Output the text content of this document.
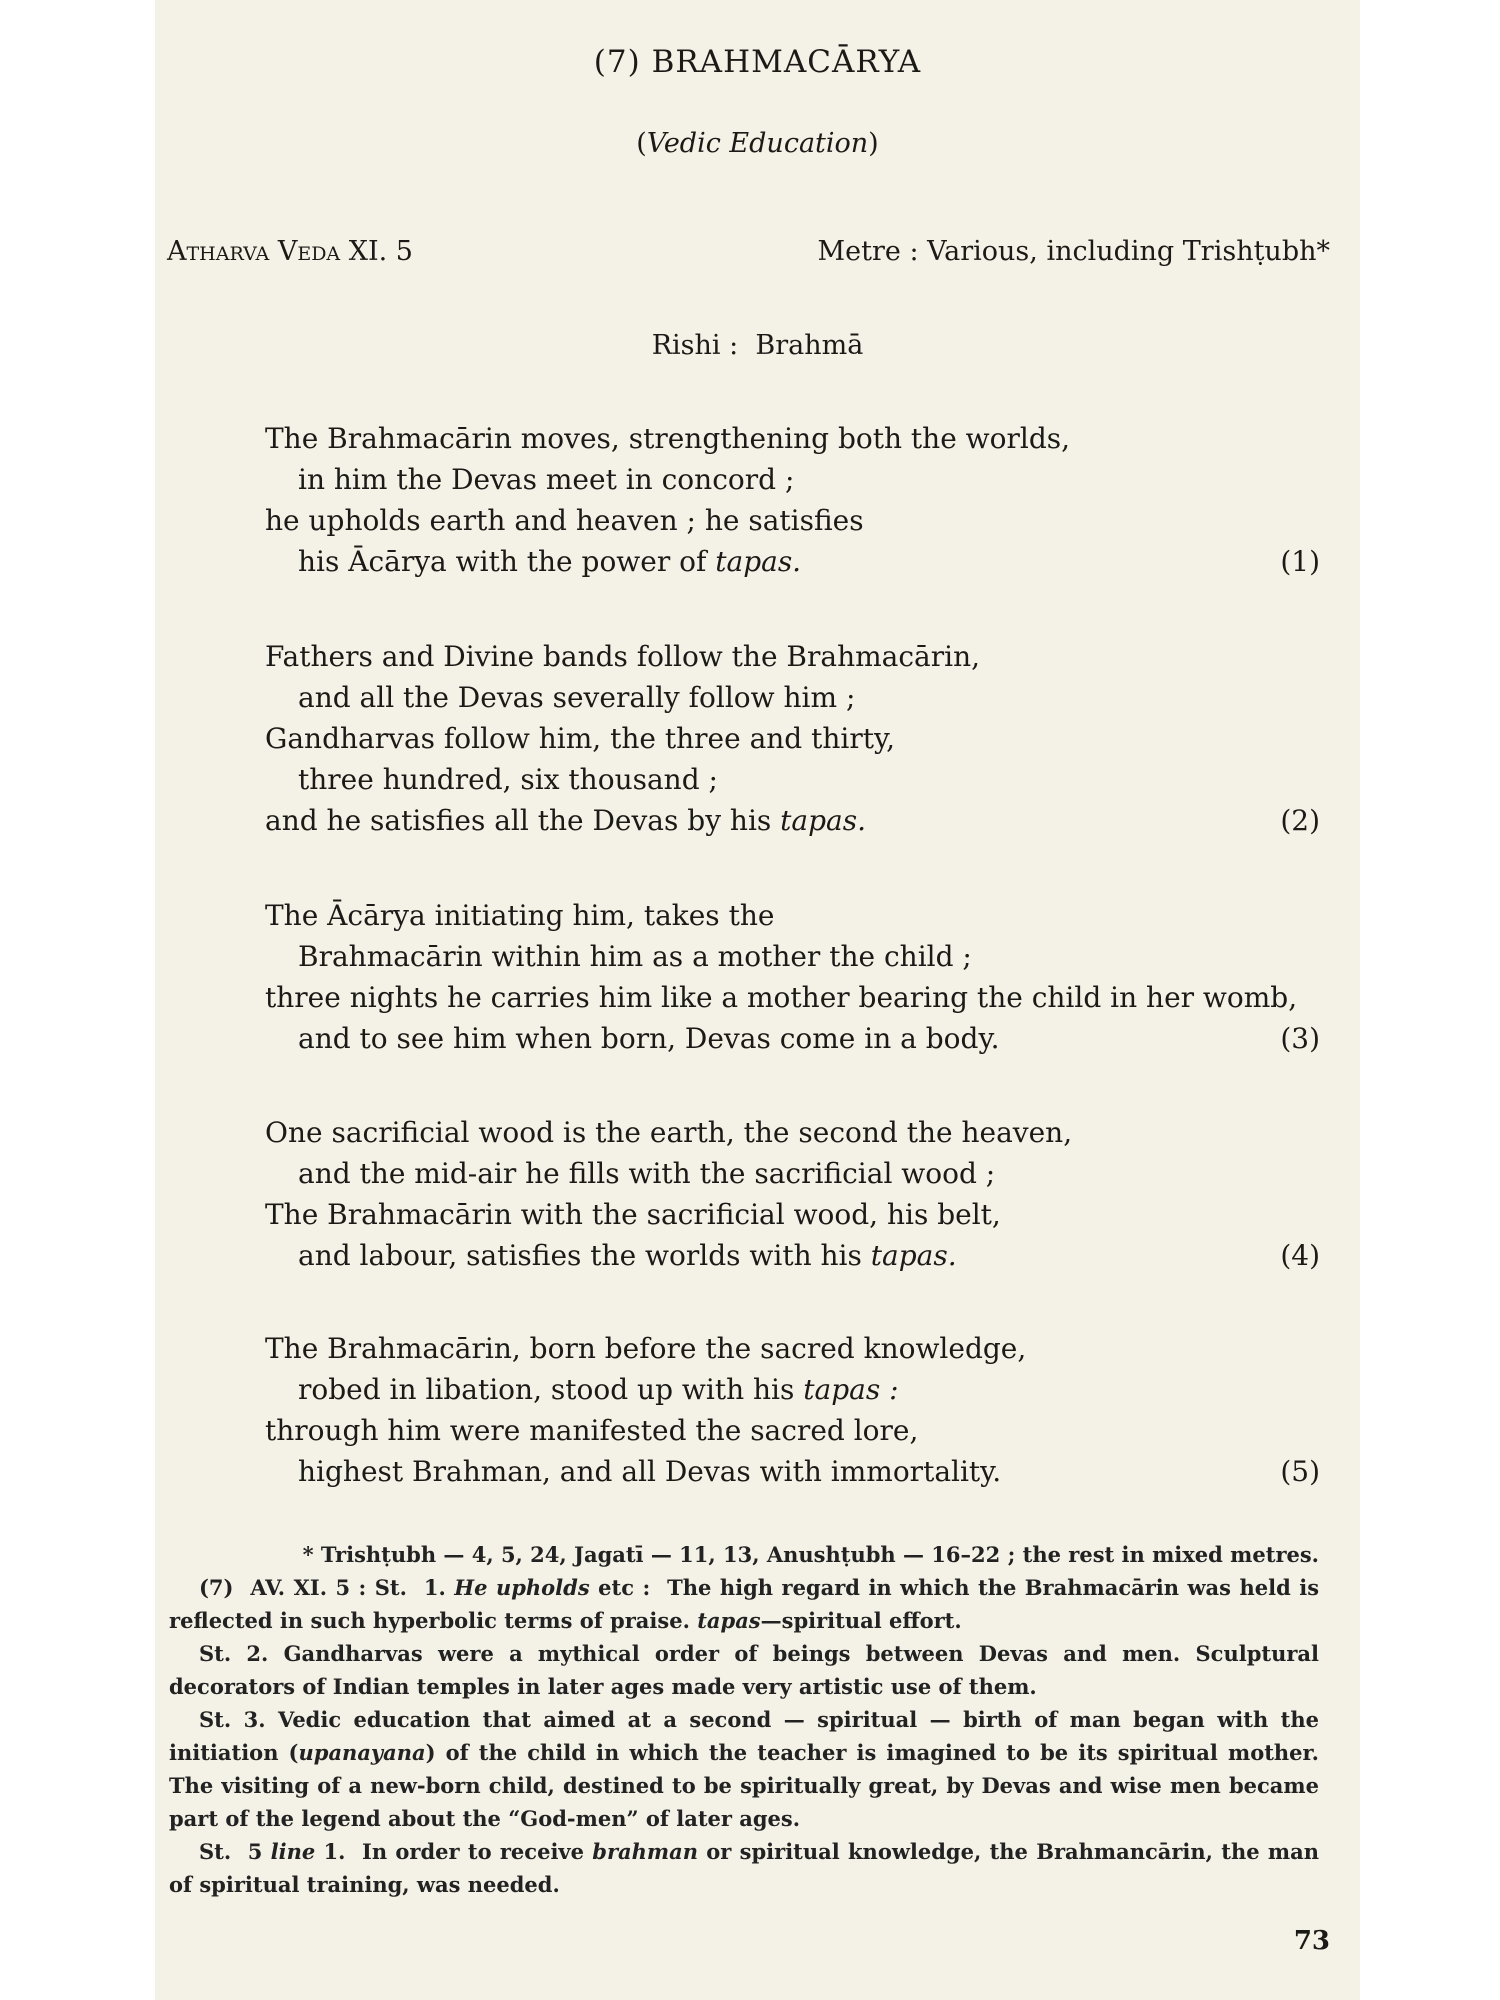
(7) BRAHMACĀRYA
(Vedic Education)
Atharva Veda XI. 5	Metre : Various, including Trishṭubh*
Rishi :  Brahmā
The Brahmacārin moves, strengthening both the worlds,
in him the Devas meet in concord ;
he upholds earth and heaven ; he satisfies
his Ācārya with the power of tapas.	(1)
Fathers and Divine bands follow the Brahmacārin,
and all the Devas severally follow him ;
Gandharvas follow him, the three and thirty,
three hundred, six thousand ;
and he satisfies all the Devas by his tapas.	(2)
The Ācārya initiating him, takes the
Brahmacārin within him as a mother the child ;
three nights he carries him like a mother bearing the child in her womb,
and to see him when born, Devas come in a body.	(3)
One sacrificial wood is the earth, the second the heaven,
and the mid-air he fills with the sacrificial wood ;
The Brahmacārin with the sacrificial wood, his belt,
and labour, satisfies the worlds with his tapas.	(4)
The Brahmacārin, born before the sacred knowledge,
robed in libation, stood up with his tapas :
through him were manifested the sacred lore,
highest Brahman, and all Devas with immortality.	(5)

* Trishṭubh — 4, 5, 24, Jagatī — 11, 13, Anushṭubh — 16–22 ; the rest in mixed metres.

(7)  AV. XI. 5 : St.  1. He upholds etc :  The high regard in which the Brahmacārin was held is reflected in such hyperbolic terms of praise. tapas—spiritual effort.

St. 2. Gandharvas were a mythical order of beings between Devas and men. Sculptural decorators of Indian temples in later ages made very artistic use of them.

St. 3. Vedic education that aimed at a second — spiritual — birth of man began with the initiation (upanayana) of the child in which the teacher is imagined to be its spiritual mother. The visiting of a new-born child, destined to be spiritually great, by Devas and wise men became part of the legend about the “God-men” of later ages.

St.  5 line 1.  In order to receive brahman or spiritual knowledge, the Brahmancārin, the man of spiritual training, was needed.

73
